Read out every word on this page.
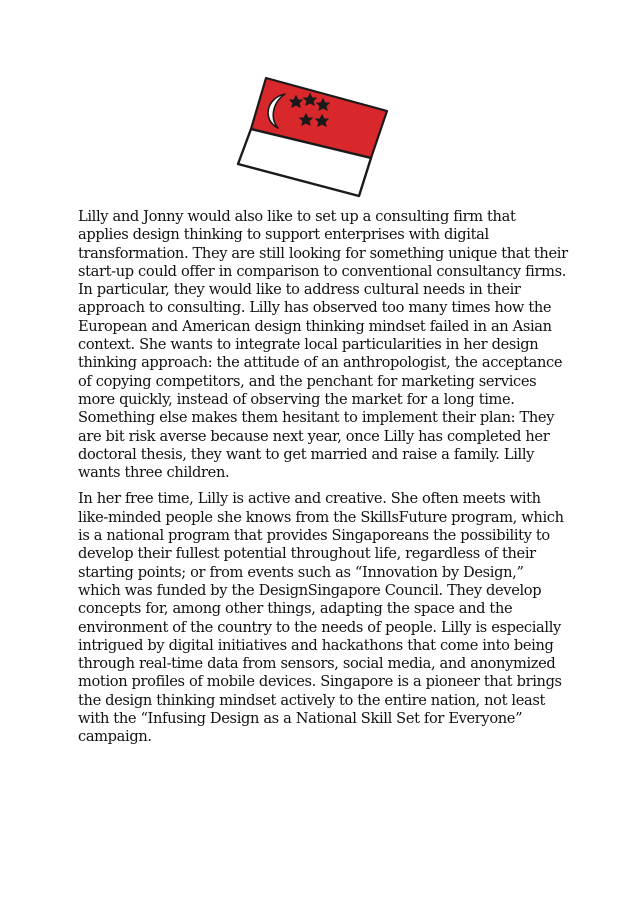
Lilly and Jonny would also like to set up a consulting firm that applies design thinking to support enterprises with digital transformation. They are still looking for something unique that their start-up could offer in comparison to conventional consultancy firms. In particular, they would like to address cultural needs in their approach to consulting. Lilly has observed too many times how the European and American design thinking mindset failed in an Asian context. She wants to integrate local particularities in her design thinking approach: the attitude of an anthropologist, the acceptance of copying competitors, and the penchant for marketing services more quickly, instead of observing the market for a long time. Something else makes them hesitant to implement their plan: They are bit risk averse because next year, once Lilly has completed her doctoral thesis, they want to get married and raise a family. Lilly wants three children.

In her free time, Lilly is active and creative. She often meets with like-minded people she knows from the SkillsFuture program, which is a national program that provides Singaporeans the possibility to develop their fullest potential throughout life, regardless of their starting points; or from events such as “Innovation by Design,” which was funded by the DesignSingapore Council. They develop concepts for, among other things, adapting the space and the environment of the country to the needs of people. Lilly is especially intrigued by digital initiatives and hackathons that come into being through real-time data from sensors, social media, and anonymized motion profiles of mobile devices. Singapore is a pioneer that brings the design thinking mindset actively to the entire nation, not least with the “Infusing Design as a National Skill Set for Everyone” campaign.
